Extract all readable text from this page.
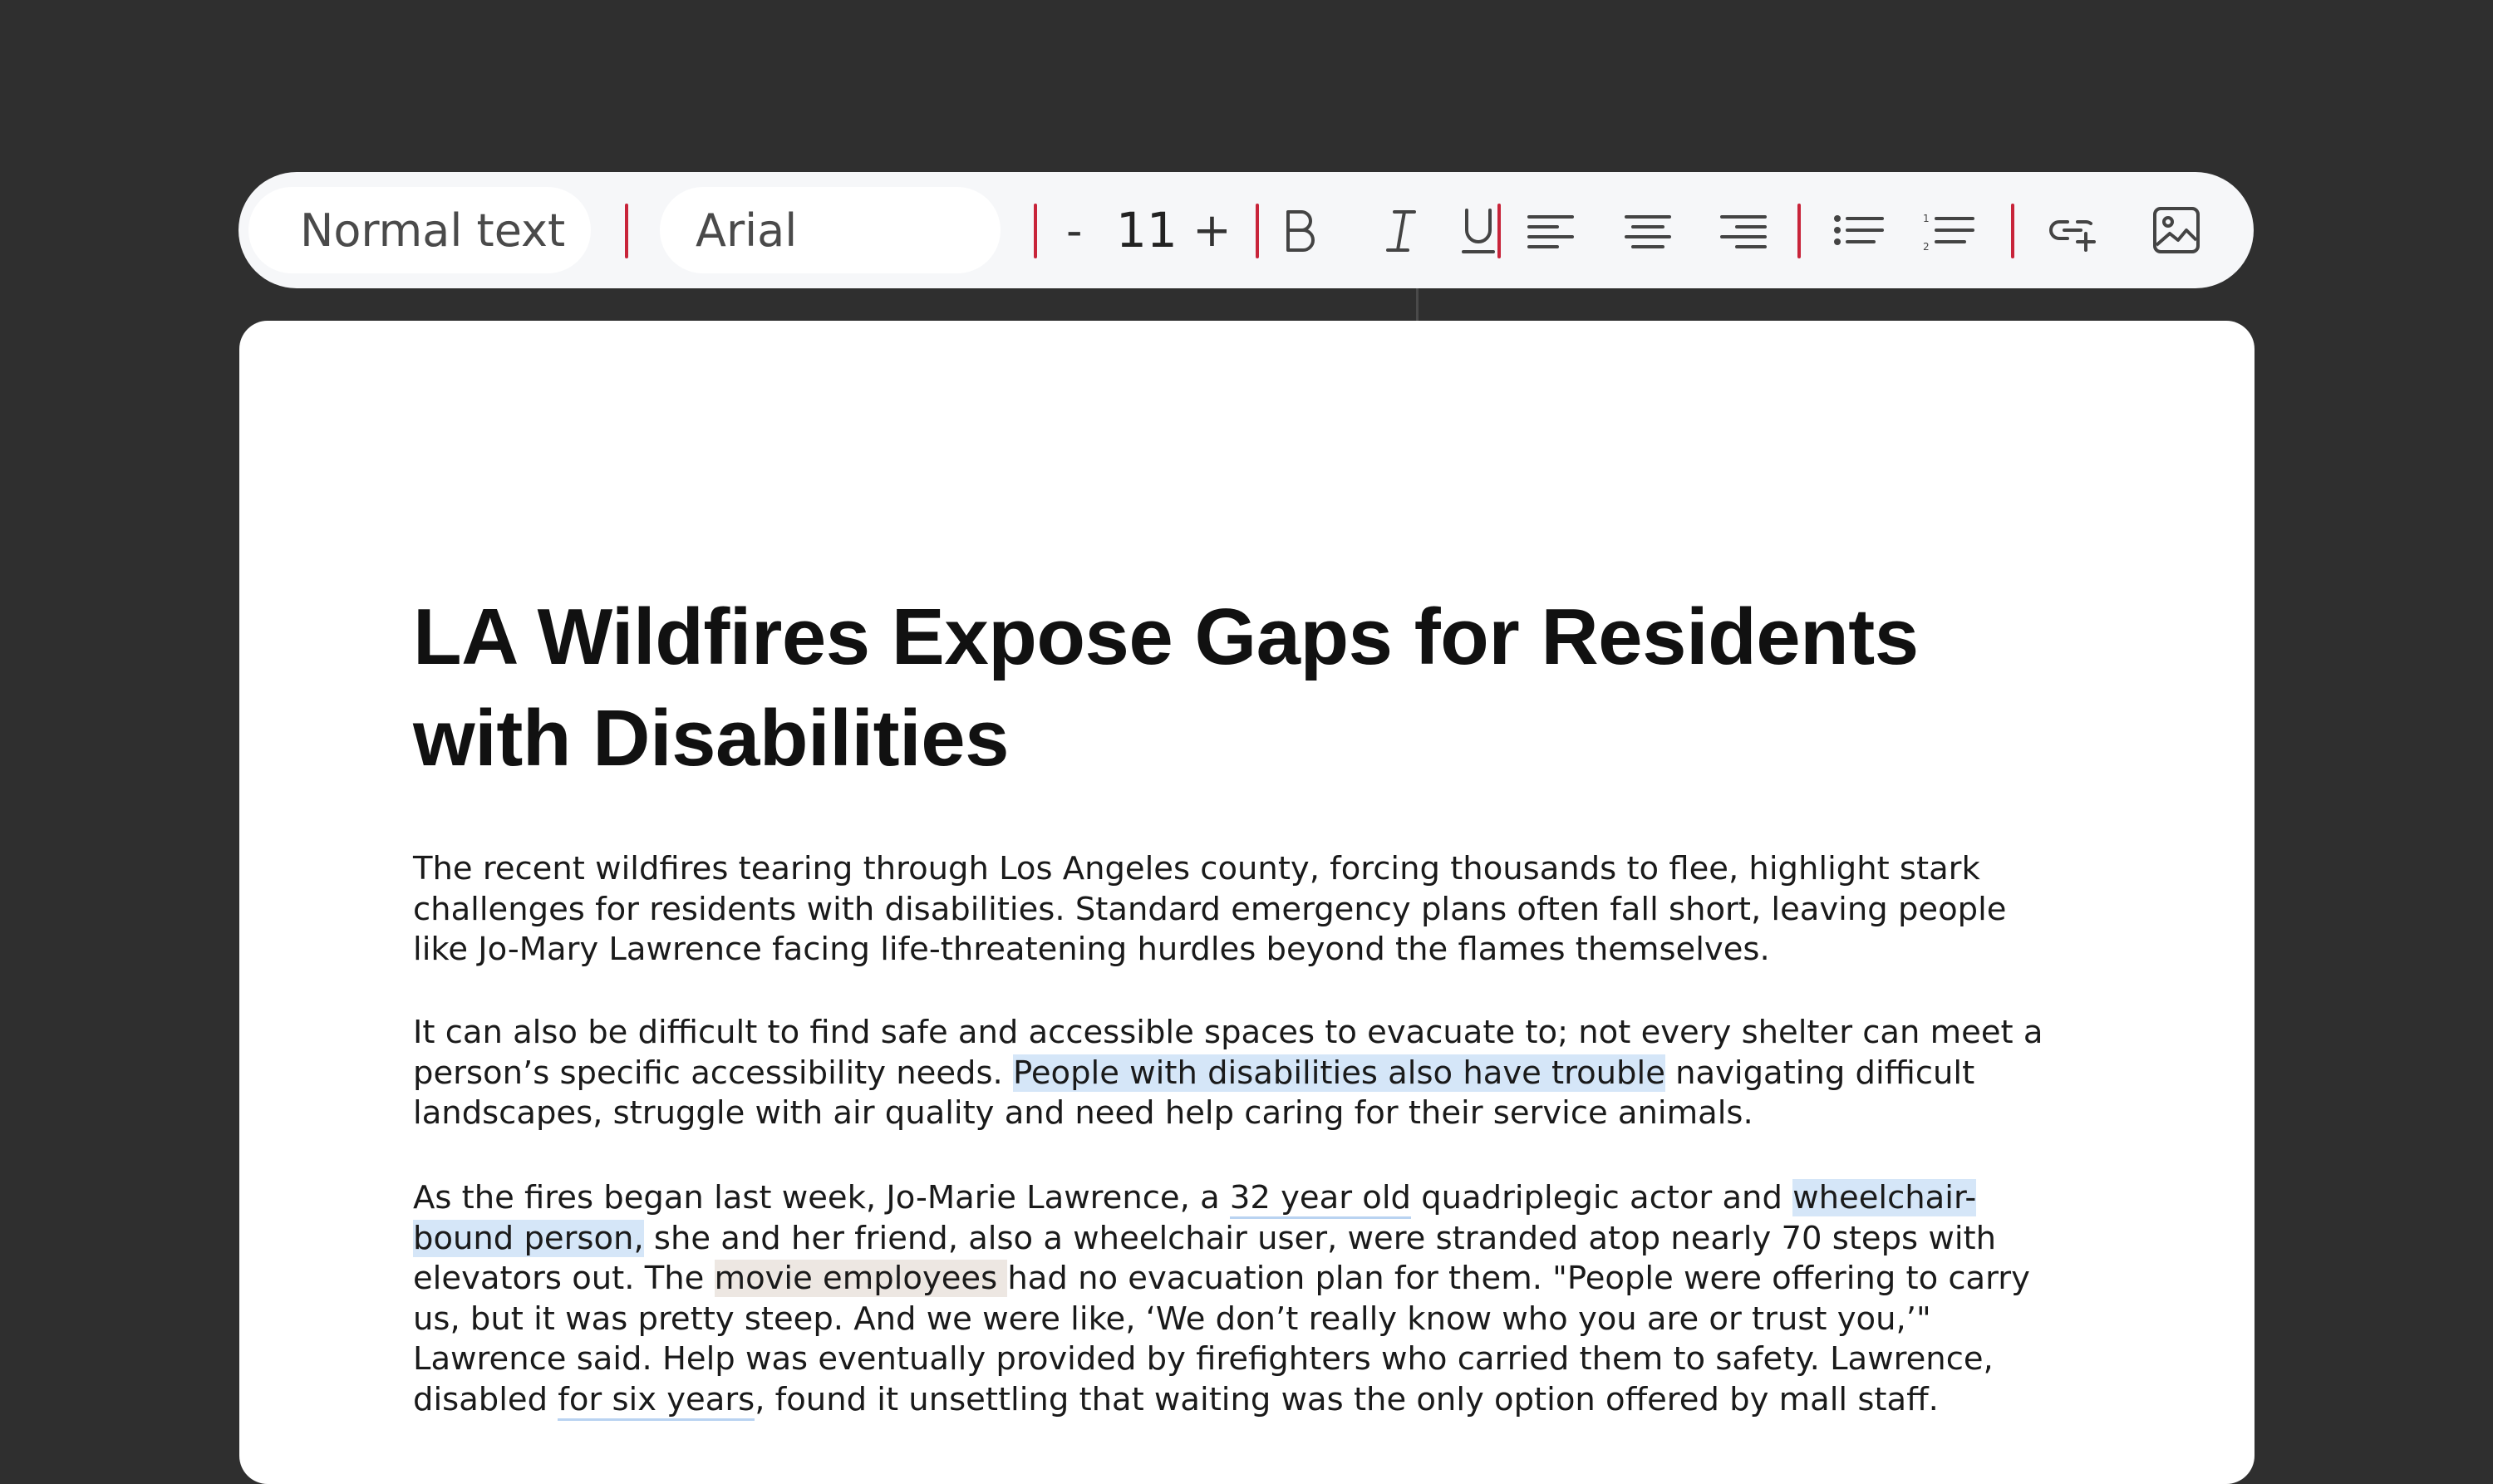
Normal text	Arial	- 11 +	1
2
LA Wildfires Expose Gaps for Residents with Disabilities

The recent wildfires tearing through Los Angeles county, forcing thousands to flee, highlight stark challenges for residents with disabilities. Standard emergency plans often fall short, leaving people like Jo-Mary Lawrence facing life-threatening hurdles beyond the flames themselves.

It can also be difficult to find safe and accessible spaces to evacuate to; not every shelter can meet a person’s specific accessibility needs. People with disabilities also have trouble navigating difficult landscapes, struggle with air quality and need help caring for their service animals.

As the fires began last week, Jo-Marie Lawrence, a 32 year old quadriplegic actor and wheelchair-bound person, she and her friend, also a wheelchair user, were stranded atop nearly 70 steps with elevators out. The movie employees had no evacuation plan for them. "People were offering to carry us, but it was pretty steep. And we were like, ‘We don’t really know who you are or trust you,’" Lawrence said. Help was eventually provided by firefighters who carried them to safety. Lawrence, disabled for six years, found it unsettling that waiting was the only option offered by mall staff.
